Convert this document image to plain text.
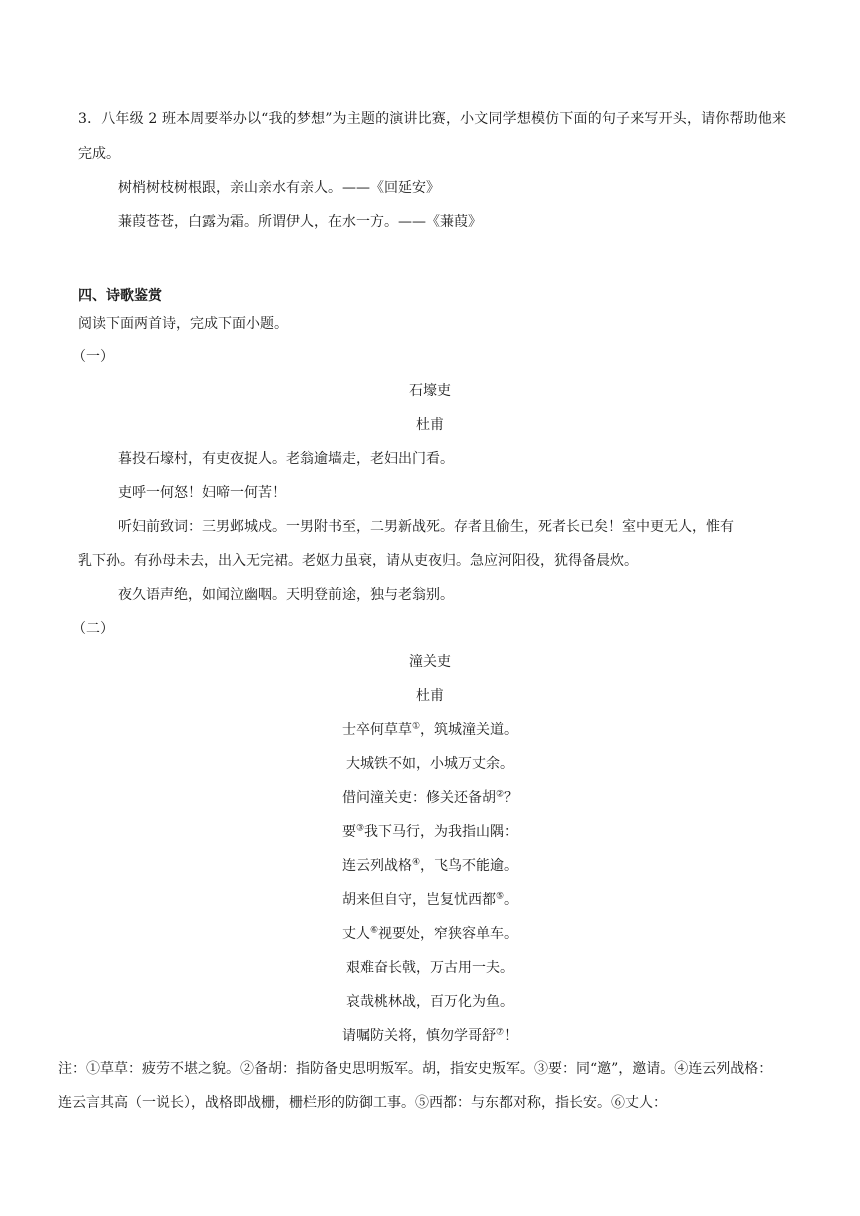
3．八年级 2 班本周要举办以“我的梦想”为主题的演讲比赛，小文同学想模仿下面的句子来写开头，请你帮助他来完成。
树梢树枝树根跟，亲山亲水有亲人。——《回延安》
蒹葭苍苍，白露为霜。所谓伊人，在水一方。——《蒹葭》
四、诗歌鉴赏
阅读下面两首诗，完成下面小题。
（一）
石壕吏
杜甫
暮投石壕村，有吏夜捉人。老翁逾墙走，老妇出门看。
吏呼一何怒！妇啼一何苦！
听妇前致词：三男邺城戍。一男附书至，二男新战死。存者且偷生，死者长已矣！室中更无人，惟有
乳下孙。有孙母未去，出入无完裙。老妪力虽衰，请从吏夜归。急应河阳役，犹得备晨炊。
夜久语声绝，如闻泣幽咽。天明登前途，独与老翁别。
（二）
潼关吏
杜甫
士卒何草草①，筑城潼关道。
大城铁不如，小城万丈余。
借问潼关吏：修关还备胡②？
要③我下马行，为我指山隅：
连云列战格④，飞鸟不能逾。
胡来但自守，岂复忧西都⑤。
丈人⑥视要处，窄狭容单车。
艰难奋长戟，万古用一夫。
哀哉桃林战，百万化为鱼。
请嘱防关将，慎勿学哥舒⑦！
注：①草草：疲劳不堪之貌。②备胡：指防备史思明叛军。胡，指安史叛军。③要：同“邀”，邀请。④连云列战格：连云言其高（一说长），战格即战栅，栅栏形的防御工事。⑤西都：与东都对称，指长安。⑥丈人：
